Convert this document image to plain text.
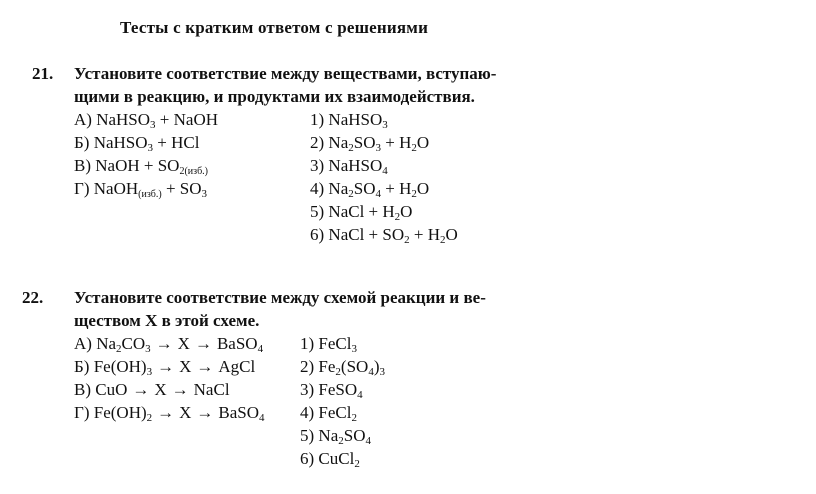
Тесты с кратким ответом с решениями
21. Установите соответствие между веществами, вступаю-
щими в реакцию, и продуктами их взаимодействия.
А) NaHSO$_3$ + NaOH
Б) NaHSO$_3$ + HCl
В) NaOH + $SO_{2(изб.)}$
Г) NaOH$_{(изб.)}$ + $SO_3$
1) NaHSO$_3$
2) $Na_2SO_3 + H_2O$
3) NaHSO$_4$
4) $Na_2SO_4 + H_2O$
5) NaCl + $H_2O$
6) NaCl + $SO_2 + H_2O$
22. Установите соответствие между схемой реакции и ве-
ществом X в этой схеме.
А) $Na_2CO_3 \to X$ → BaSO$_4$
Б) $Fe(OH)_3 \to X$ → AgCl
В) CuO → X → NaCl
Г) $Fe(OH)_2 \to X$ → BaSO$_4$
1) FeCl$_3$
2) $Fe_2(SO_4)_3$
3) FeSO$_4$
4) FeCl$_2$
5) $Na_2SO_4$
6) CuCl$_2$
